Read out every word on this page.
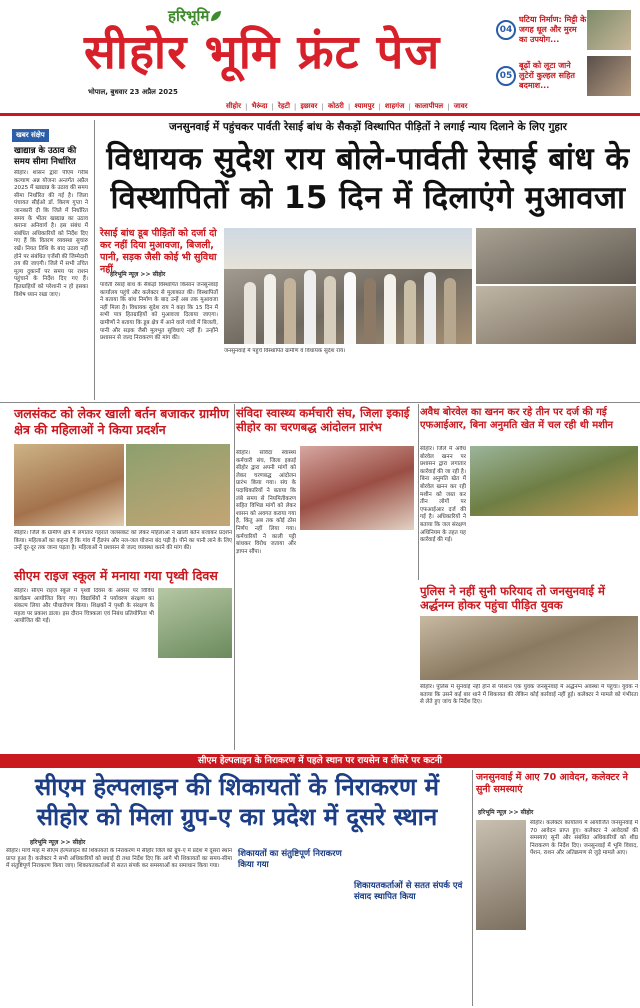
हरिभूमि
सीहोर भूमि फ्रंट पेज
भोपाल, बुधवार 23 अप्रैल 2025
सीहोर | भैरूंदा | रेहटी | इछावर | कोठरी | श्यामपुर | शाहगंज | कालापीपल | जावर
04
घटिया निर्माण: मिट्टी के जगह धूल और मुरम का उपयोग...
05
बूढ़ों को लूटा जाने लुटेरों कुल्हल सहित बदमाश...
खबर संक्षेप
खाद्यान्न के उठाव की समय सीमा निर्धारित
सीहोर। शासन द्वारा पीएम गरीब कल्याण अन्न योजना अन्तर्गत अप्रैल 2025 में खाद्यान्न के उठाव की समय सीमा निर्धारित की गई है। जिला पंचायत सीईओ डॉ. किरण गुप्ता ने जानकारी दी कि जिले में निर्धारित समय के भीतर खाद्यान्न का उठाव कराना अनिवार्य है। इस संबंध में संबंधित अधिकारियों को निर्देश दिए गए हैं कि वितरण व्यवस्था सुचारु रखें। नियत तिथि के बाद उठाव नहीं होने पर संबंधित एजेंसी की जिम्मेदारी तय की जाएगी। जिले में सभी उचित मूल्य दुकानों पर समय पर राशन पहुंचाने के निर्देश दिए गए हैं। हितग्राहियों को परेशानी न हो इसका विशेष ध्यान रखा जाए।
जनसुनवाई में पहुंचकर पार्वती रेसाई बांध के सैकड़ों विस्थापित पीड़ितों ने लगाई न्याय दिलाने के लिए गुहार
विधायक सुदेश राय बोले-पार्वती रेसाई बांध के
विस्थापितों को 15 दिन में दिलाएंगे मुआवजा
रेसाई बांध डूब पीड़ितों को दर्जा दो कर नहीं दिया मुआवजा, बिजली, पानी, सड़क जैसी कोई भी सुविधा नहीं
हरिभूमि न्यूज़ >> सीहोर
पार्वती रेसाई बांध के सैकड़ों विस्थापित किसान जनसुनवाई कार्यालय पहुंचे और कलेक्टर से मुलाकात की। विस्थापितों ने बताया कि बांध निर्माण के बाद उन्हें अब तक मुआवजा नहीं मिला है। विधायक सुदेश राय ने कहा कि 15 दिन में सभी पात्र हितग्राहियों को मुआवजा दिलाया जाएगा। ग्रामीणों ने बताया कि डूब क्षेत्र में आने वाले गांवों में बिजली, पानी और सड़क जैसी मूलभूत सुविधाएं नहीं हैं। उन्होंने प्रशासन से जल्द निराकरण की मांग की।
जनसुनवाई में पहुंचे विस्थापित ग्रामीण व विधायक सुदेश राय।
जलसंकट को लेकर खाली बर्तन बजाकर ग्रामीण क्षेत्र की महिलाओं ने किया प्रदर्शन
सीहोर। जिले के ग्रामीण क्षेत्र में लगातार गहराते जलसंकट को लेकर महिलाओं ने खाली बर्तन बजाकर प्रदर्शन किया। महिलाओं का कहना है कि गांव में हैंडपंप और नल-जल योजना बंद पड़ी है। पीने का पानी लाने के लिए उन्हें दूर-दूर तक जाना पड़ता है। महिलाओं ने प्रशासन से जल्द व्यवस्था करने की मांग की।
संविदा स्वास्थ्य कर्मचारी संघ, जिला इकाई सीहोर का चरणबद्ध आंदोलन प्रारंभ
सीहोर। संविदा स्वास्थ्य कर्मचारी संघ, जिला इकाई सीहोर द्वारा अपनी मांगों को लेकर चरणबद्ध आंदोलन प्रारंभ किया गया। संघ के पदाधिकारियों ने बताया कि लंबे समय से नियमितीकरण सहित विभिन्न मांगों को लेकर शासन को अवगत कराया गया है, किंतु अब तक कोई ठोस निर्णय नहीं लिया गया। कर्मचारियों ने काली पट्टी बांधकर विरोध जताया और ज्ञापन सौंपा।
अवैध बोरवेल का खनन कर रहे तीन पर दर्ज की गई एफआईआर, बिना अनुमति खेत में चल रही थी मशीन
सीहोर। जिले में अवैध बोरवेल खनन पर प्रशासन द्वारा लगातार कार्रवाई की जा रही है। बिना अनुमति खेत में बोरवेल खनन कर रही मशीन को जब्त कर तीन लोगों पर एफआईआर दर्ज की गई है। अधिकारियों ने बताया कि जल संरक्षण अधिनियम के तहत यह कार्रवाई की गई।
सीएम राइज स्कूल में मनाया गया पृथ्वी दिवस
सीहोर। सीएम राइज स्कूल में पृथ्वी दिवस के अवसर पर विविध कार्यक्रम आयोजित किए गए। विद्यार्थियों ने पर्यावरण संरक्षण का संकल्प लिया और पौधारोपण किया। शिक्षकों ने पृथ्वी के संरक्षण के महत्व पर प्रकाश डाला। इस दौरान चित्रकला एवं निबंध प्रतियोगिता भी आयोजित की गई।
पुलिस ने नहीं सुनी फरियाद तो जनसुनवाई में अर्द्धनग्न होकर पहुंचा पीड़ित युवक
सीहोर। पुलिस में सुनवाई नहीं होने से परेशान एक युवक जनसुनवाई में अर्द्धनग्न अवस्था में पहुंचा। युवक ने बताया कि उसने कई बार थाने में शिकायत की लेकिन कोई कार्रवाई नहीं हुई। कलेक्टर ने मामले को गंभीरता से लेते हुए जांच के निर्देश दिए।
सीएम हेल्पलाइन के निराकरण में पहले स्थान पर रायसेन व तीसरे पर कटनी
सीएम हेल्पलाइन की शिकायतों के निराकरण में
सीहोर को मिला ग्रुप-ए का प्रदेश में दूसरे स्थान
हरिभूमि न्यूज़ >> सीहोर
सीहोर। मार्च माह में सीएम हेल्पलाइन की शिकायतों के निराकरण में सीहोर जिले को ग्रुप-ए में प्रदेश में दूसरा स्थान प्राप्त हुआ है। कलेक्टर ने सभी अधिकारियों को बधाई दी तथा निर्देश दिए कि आगे भी शिकायतों का समय-सीमा में संतुष्टिपूर्ण निराकरण किया जाए। शिकायतकर्ताओं से सतत संपर्क कर समस्याओं का समाधान किया गया।
शिकायतों का संतुष्टिपूर्ण निराकरण किया गया
शिकायतकर्ताओं से सतत संपर्क एवं संवाद स्थापित किया
जनसुनवाई में आए 70 आवेदन, कलेक्टर ने सुनी समस्याएं
हरिभूमि न्यूज़ >> सीहोर
सीहोर। कलेक्टर कार्यालय में आयोजित जनसुनवाई में 70 आवेदन प्राप्त हुए। कलेक्टर ने आवेदकों की समस्याएं सुनीं और संबंधित अधिकारियों को शीघ्र निराकरण के निर्देश दिए। जनसुनवाई में भूमि विवाद, पेंशन, राशन और अतिक्रमण से जुड़े मामले आए।
